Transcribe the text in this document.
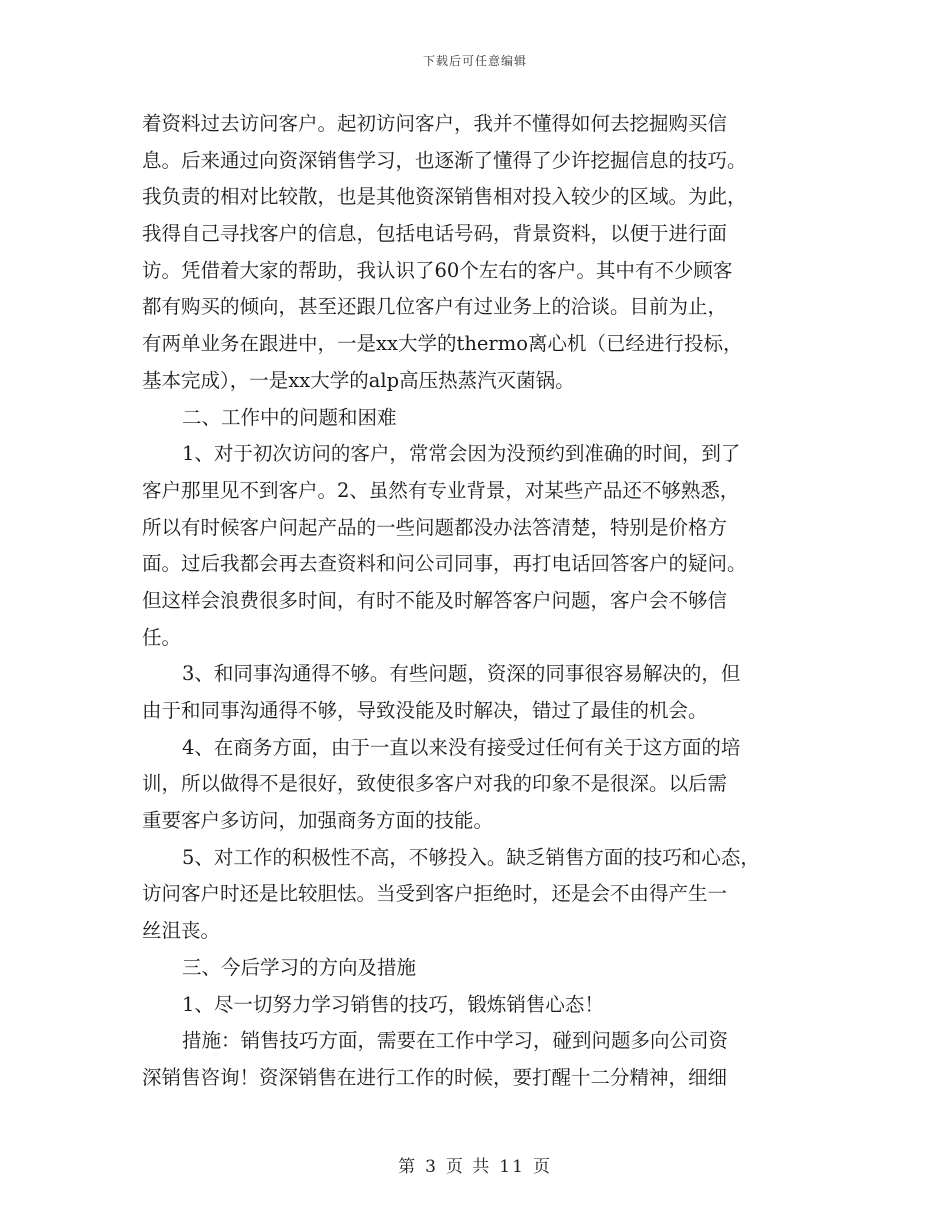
下载后可任意编辑
着资料过去访问客户。起初访问客户，我并不懂得如何去挖掘购买信
息。后来通过向资深销售学习，也逐渐了懂得了少许挖掘信息的技巧。
我负责的相对比较散，也是其他资深销售相对投入较少的区域。为此，
我得自己寻找客户的信息，包括电话号码，背景资料，以便于进行面
访。凭借着大家的帮助，我认识了60个左右的客户。其中有不少顾客
都有购买的倾向，甚至还跟几位客户有过业务上的洽谈。目前为止，
有两单业务在跟进中，一是xx大学的thermo离心机（已经进行投标，
基本完成），一是xx大学的alp高压热蒸汽灭菌锅。
二、工作中的问题和困难
1、对于初次访问的客户，常常会因为没预约到准确的时间，到了
客户那里见不到客户。2、虽然有专业背景，对某些产品还不够熟悉，
所以有时候客户问起产品的一些问题都没办法答清楚，特别是价格方
面。过后我都会再去查资料和问公司同事，再打电话回答客户的疑问。
但这样会浪费很多时间，有时不能及时解答客户问题，客户会不够信
任。
3、和同事沟通得不够。有些问题，资深的同事很容易解决的，但
由于和同事沟通得不够，导致没能及时解决，错过了最佳的机会。
4、在商务方面，由于一直以来没有接受过任何有关于这方面的培
训，所以做得不是很好，致使很多客户对我的印象不是很深。以后需
重要客户多访问，加强商务方面的技能。
5、对工作的积极性不高，不够投入。缺乏销售方面的技巧和心态，
访问客户时还是比较胆怯。当受到客户拒绝时，还是会不由得产生一
丝沮丧。
三、今后学习的方向及措施
1、尽一切努力学习销售的技巧，锻炼销售心态！
措施：销售技巧方面，需要在工作中学习，碰到问题多向公司资
深销售咨询！资深销售在进行工作的时候，要打醒十二分精神，细细
第 3 页 共 11 页
